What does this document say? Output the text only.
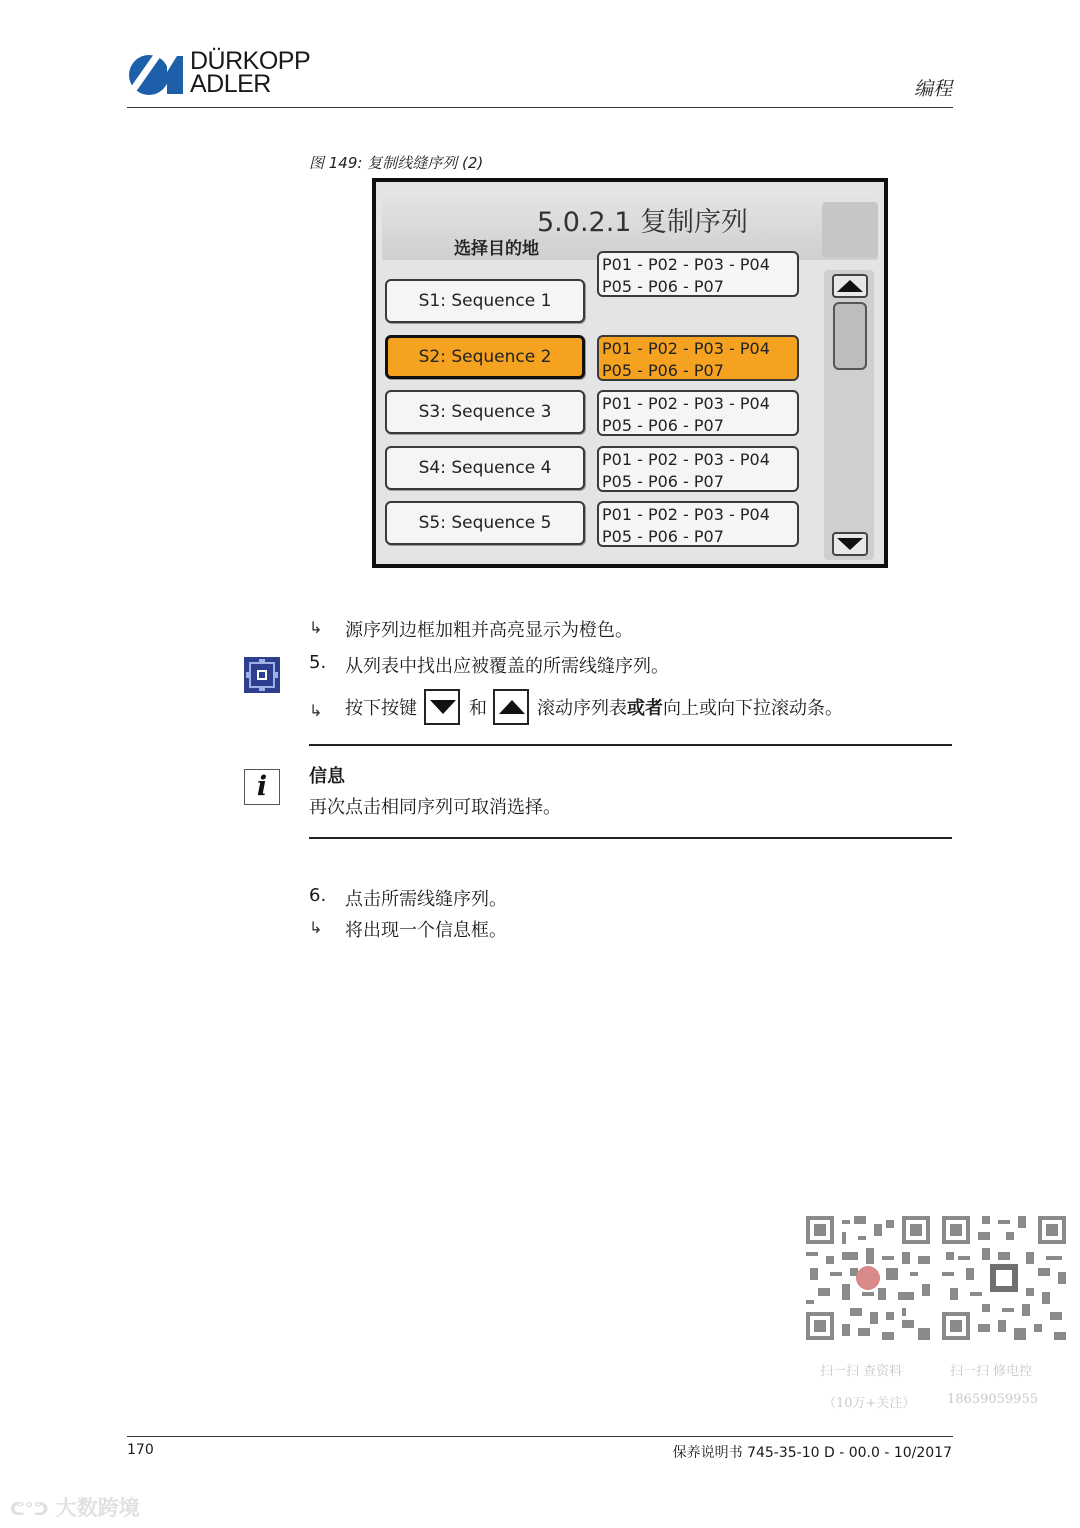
DÜRKOPP
ADLER	编程
图 149: 复制线缝序列 (2)
5.0.2.1 复制序列
选择目的地
S1: Sequence 1
P01 - P02 - P03 - P04
P05 - P06 - P07
S2: Sequence 2	P01 - P02 - P03 - P04
P05 - P06 - P07
S3: Sequence 3	P01 - P02 - P03 - P04
P05 - P06 - P07
S4: Sequence 4	P01 - P02 - P03 - P04
P05 - P06 - P07
S5: Sequence 5	P01 - P02 - P03 - P04
P05 - P06 - P07
↳ 源序列边框加粗并高亮显示为橙色。
5. 从列表中找出应被覆盖的所需线缝序列。
↳ 按下按键	和	滚动序列表 或者 向上或向下拉滚动条。
i	信息
再次点击相同序列可取消选择。
6. 点击所需线缝序列。
↳ 将出现一个信息框。
扫一扫 查资料
（10万+关注）
扫一扫 修电控
18659059955
170	保养说明书 745-35-10 D - 00.0 - 10/2017
ᕦ°ᕤ 大数跨境
